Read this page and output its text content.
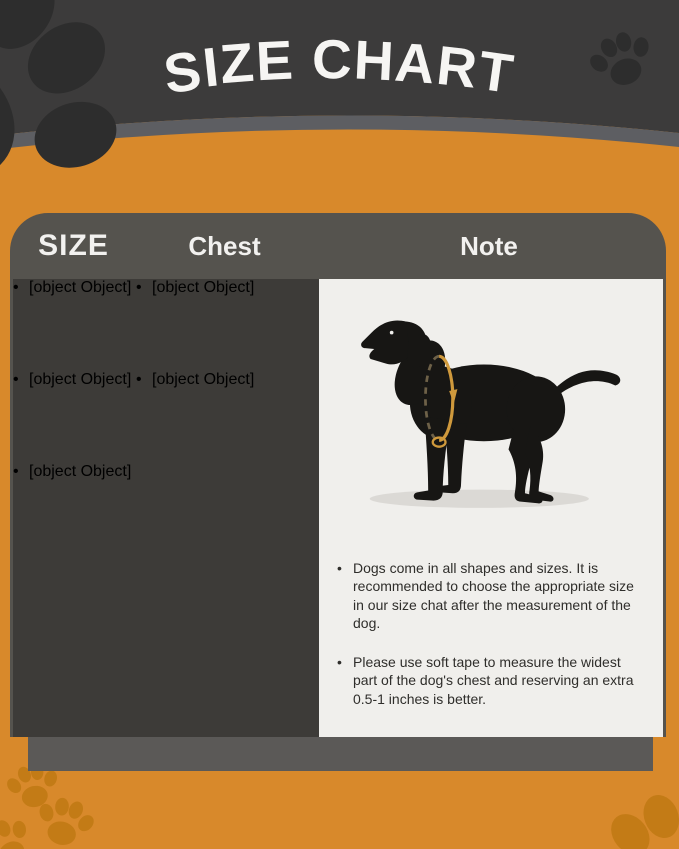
SIZE CHART
SIZE	Chest	Note
• Dogs come in all shapes and sizes. It is recommended to choose the appropriate size in our size chat after the measurement of the dog.
• Please use soft tape to measure the widest part of the dog's chest and reserving an extra 0.5-1 inches is better.
• [object Object] • [object Object]
• [object Object] • [object Object]
• [object Object]
